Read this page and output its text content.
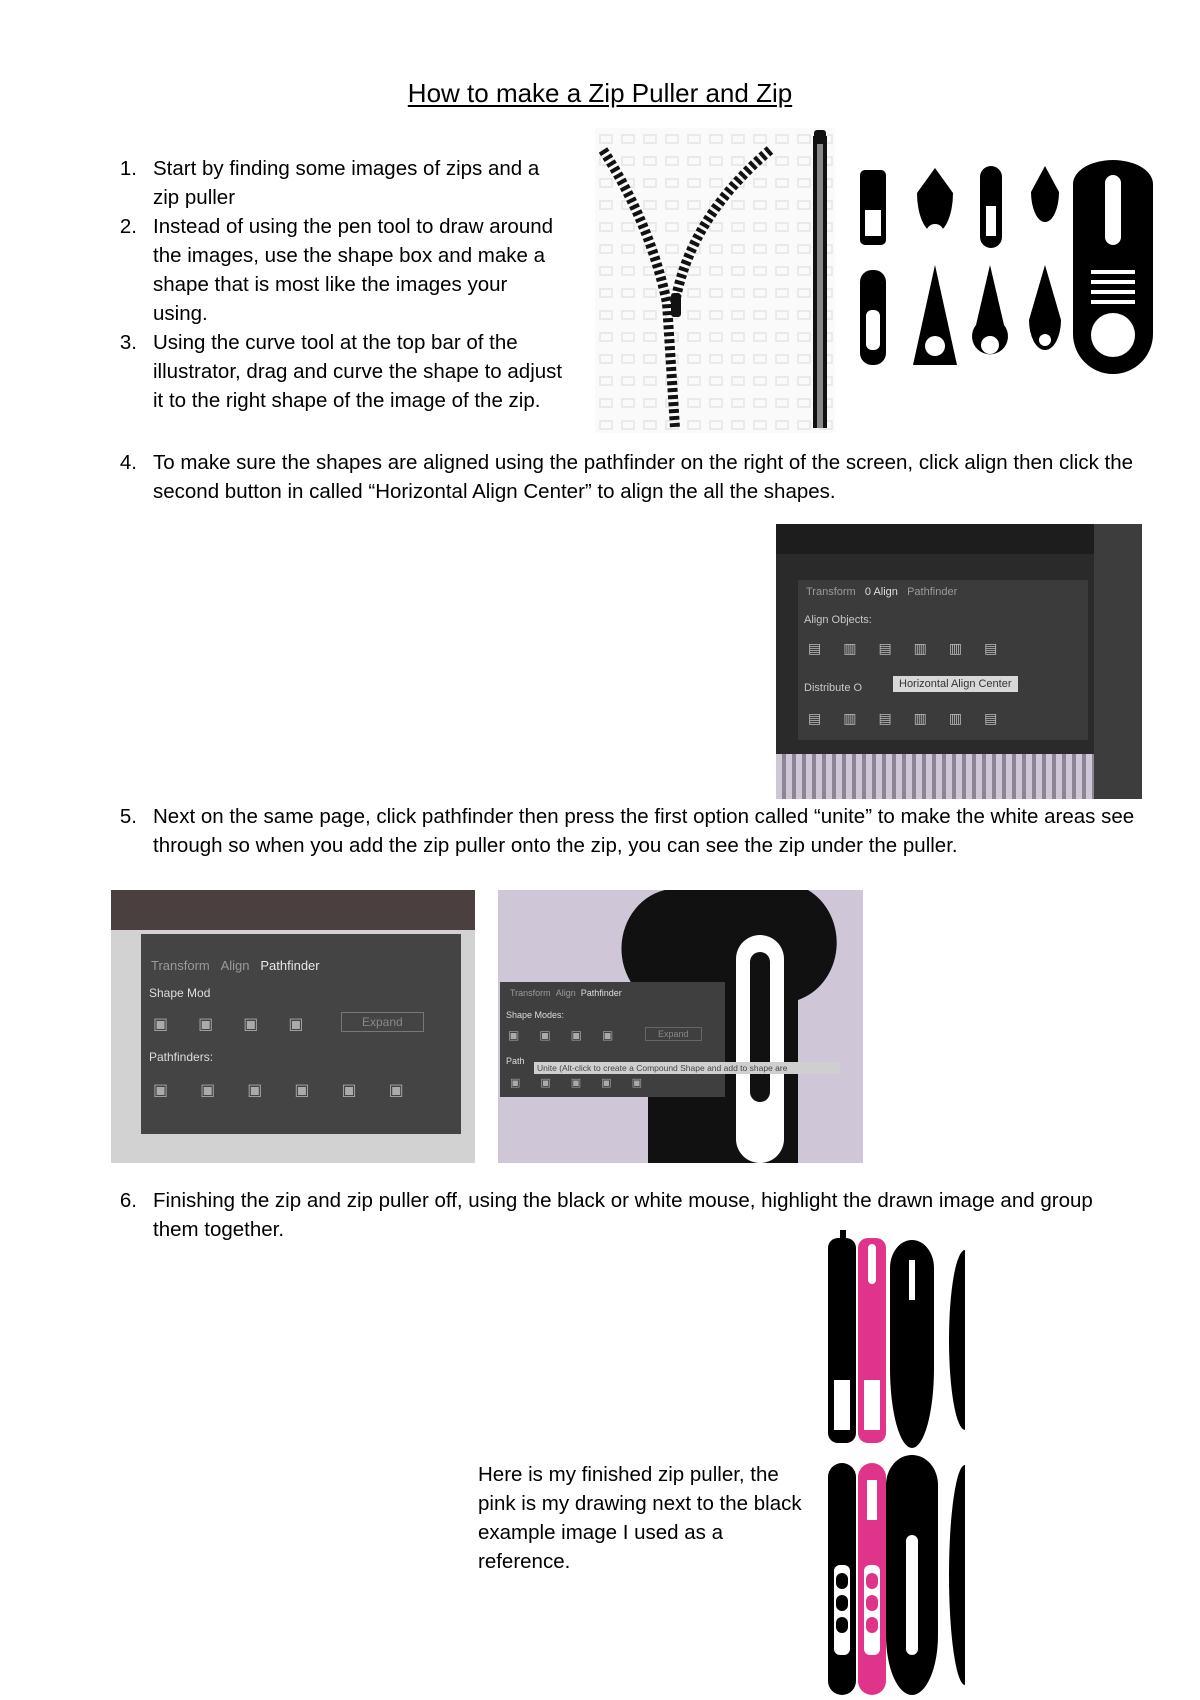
How to make a Zip Puller and Zip
1. Start by finding some images of zips and a zip puller
2. Instead of using the pen tool to draw around the images, use the shape box and make a shape that is most like the images your using.
3. Using the curve tool at the top bar of the illustrator, drag and curve the shape to adjust it to the right shape of the image of the zip.
4. To make sure the shapes are aligned using the pathfinder on the right of the screen, click align then click the second button in called “Horizontal Align Center” to align the all the shapes.
Transform 0 Align Pathfinder
Align Objects:
▤▥▤▥▥▤
Distribute O	Horizontal Align Center
▤▥▤▥▥▤
5. Next on the same page, click pathfinder then press the first option called “unite” to make the white areas see through so when you add the zip puller onto the zip, you can see the zip under the puller.
Transform Align Pathfinder
Shape Mod
▣▣▣▣	Expand
Pathfinders:
▣▣▣▣▣▣
Transform Align Pathfinder
Shape Modes:
▣▣▣▣	Expand
Path
▣▣▣▣▣
Unite (Alt-click to create a Compound Shape and add to shape are
6. Finishing the zip and zip puller off, using the black or white mouse, highlight the drawn image and group them together.
Here is my finished zip puller, the pink is my drawing next to the black example image I used as a reference.
